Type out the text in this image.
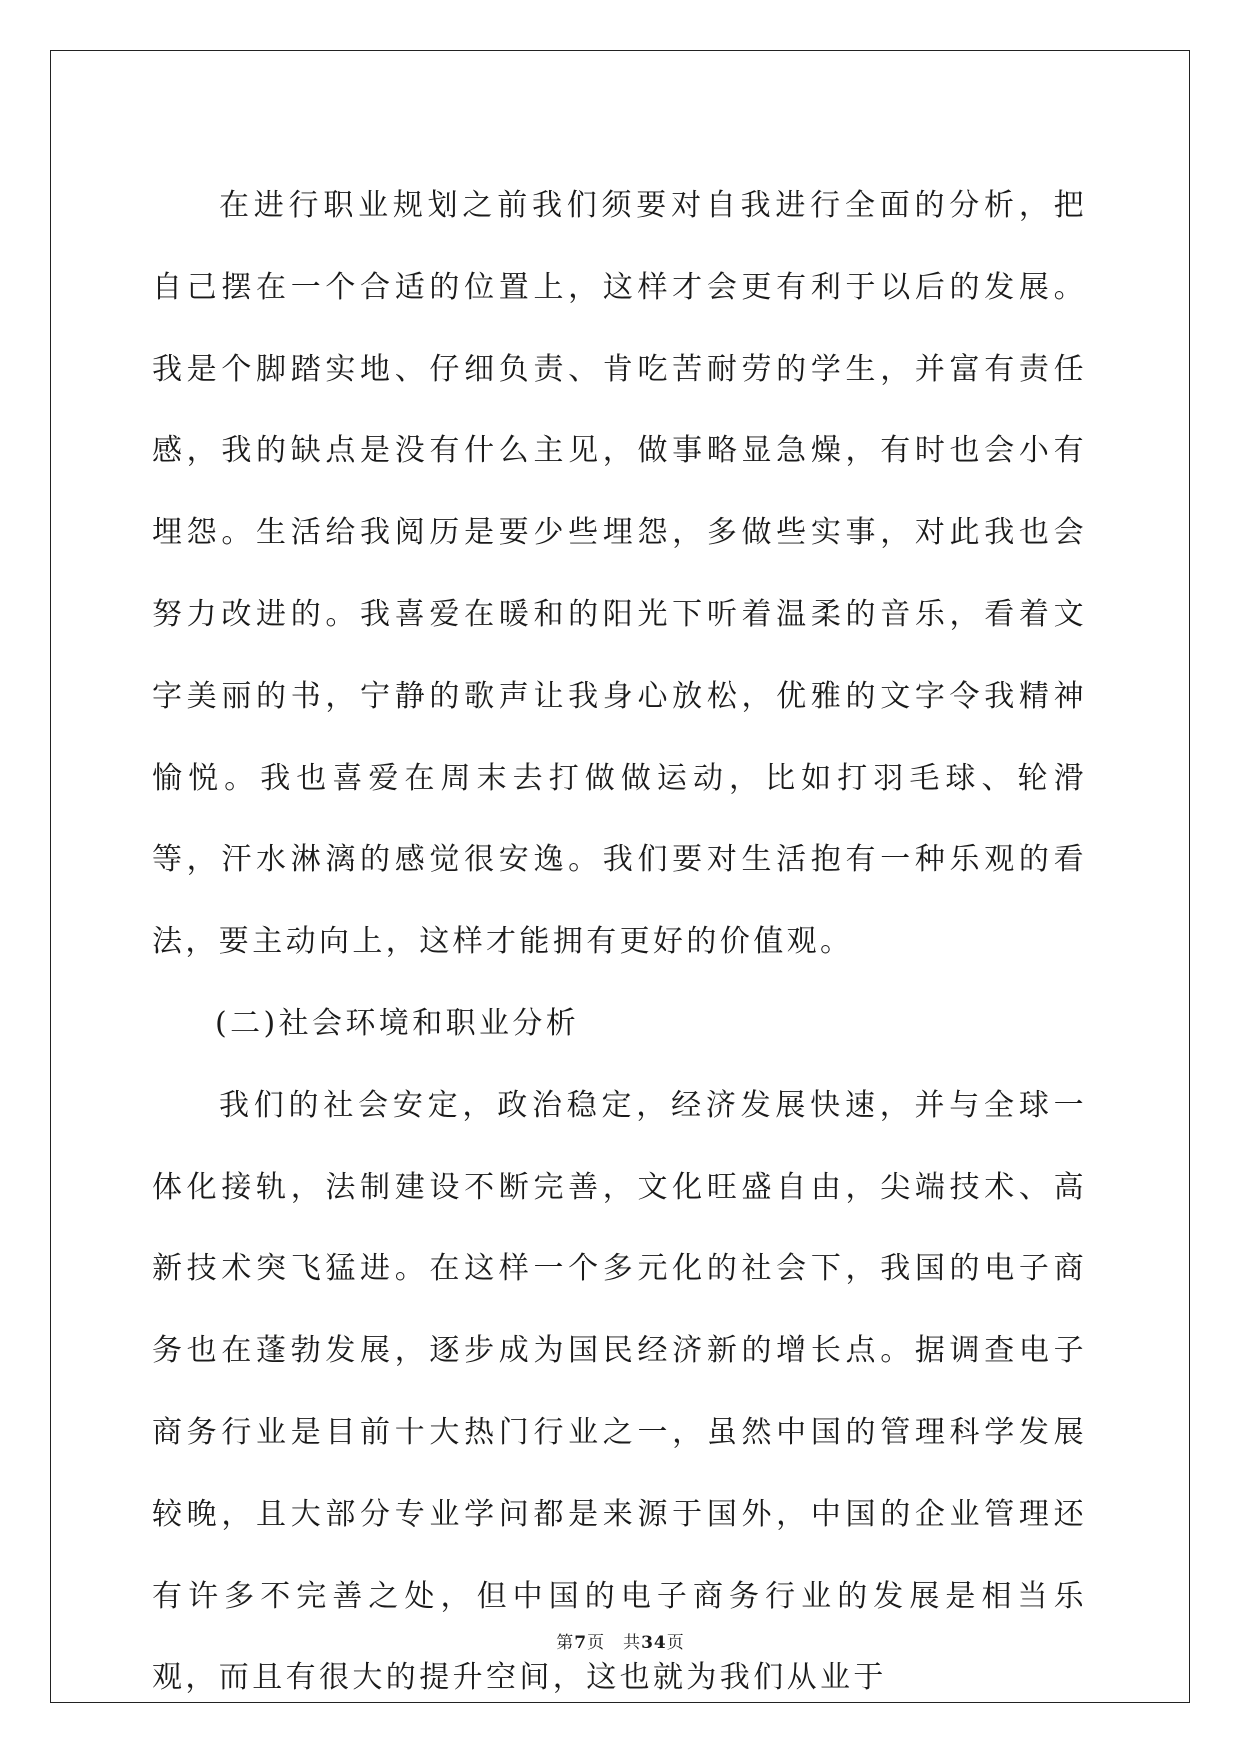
在进行职业规划之前我们须要对自我进行全面的分析，把自己摆在一个合适的位置上，这样才会更有利于以后的发展。我是个脚踏实地、仔细负责、肯吃苦耐劳的学生，并富有责任感，我的缺点是没有什么主见，做事略显急燥，有时也会小有埋怨。生活给我阅历是要少些埋怨，多做些实事，对此我也会努力改进的。我喜爱在暖和的阳光下听着温柔的音乐，看着文字美丽的书，宁静的歌声让我身心放松，优雅的文字令我精神愉悦。我也喜爱在周末去打做做运动，比如打羽毛球、轮滑等，汗水淋漓的感觉很安逸。我们要对生活抱有一种乐观的看法，要主动向上，这样才能拥有更好的价值观。

(二)社会环境和职业分析

我们的社会安定，政治稳定，经济发展快速，并与全球一体化接轨，法制建设不断完善，文化旺盛自由，尖端技术、高新技术突飞猛进。在这样一个多元化的社会下，我国的电子商务也在蓬勃发展，逐步成为国民经济新的增长点。据调查电子商务行业是目前十大热门行业之一，虽然中国的管理科学发展较晚，且大部分专业学问都是来源于国外，中国的企业管理还有许多不完善之处，但中国的电子商务行业的发展是相当乐观，而且有很大的提升空间，这也就为我们从业于

第7页 共34页
